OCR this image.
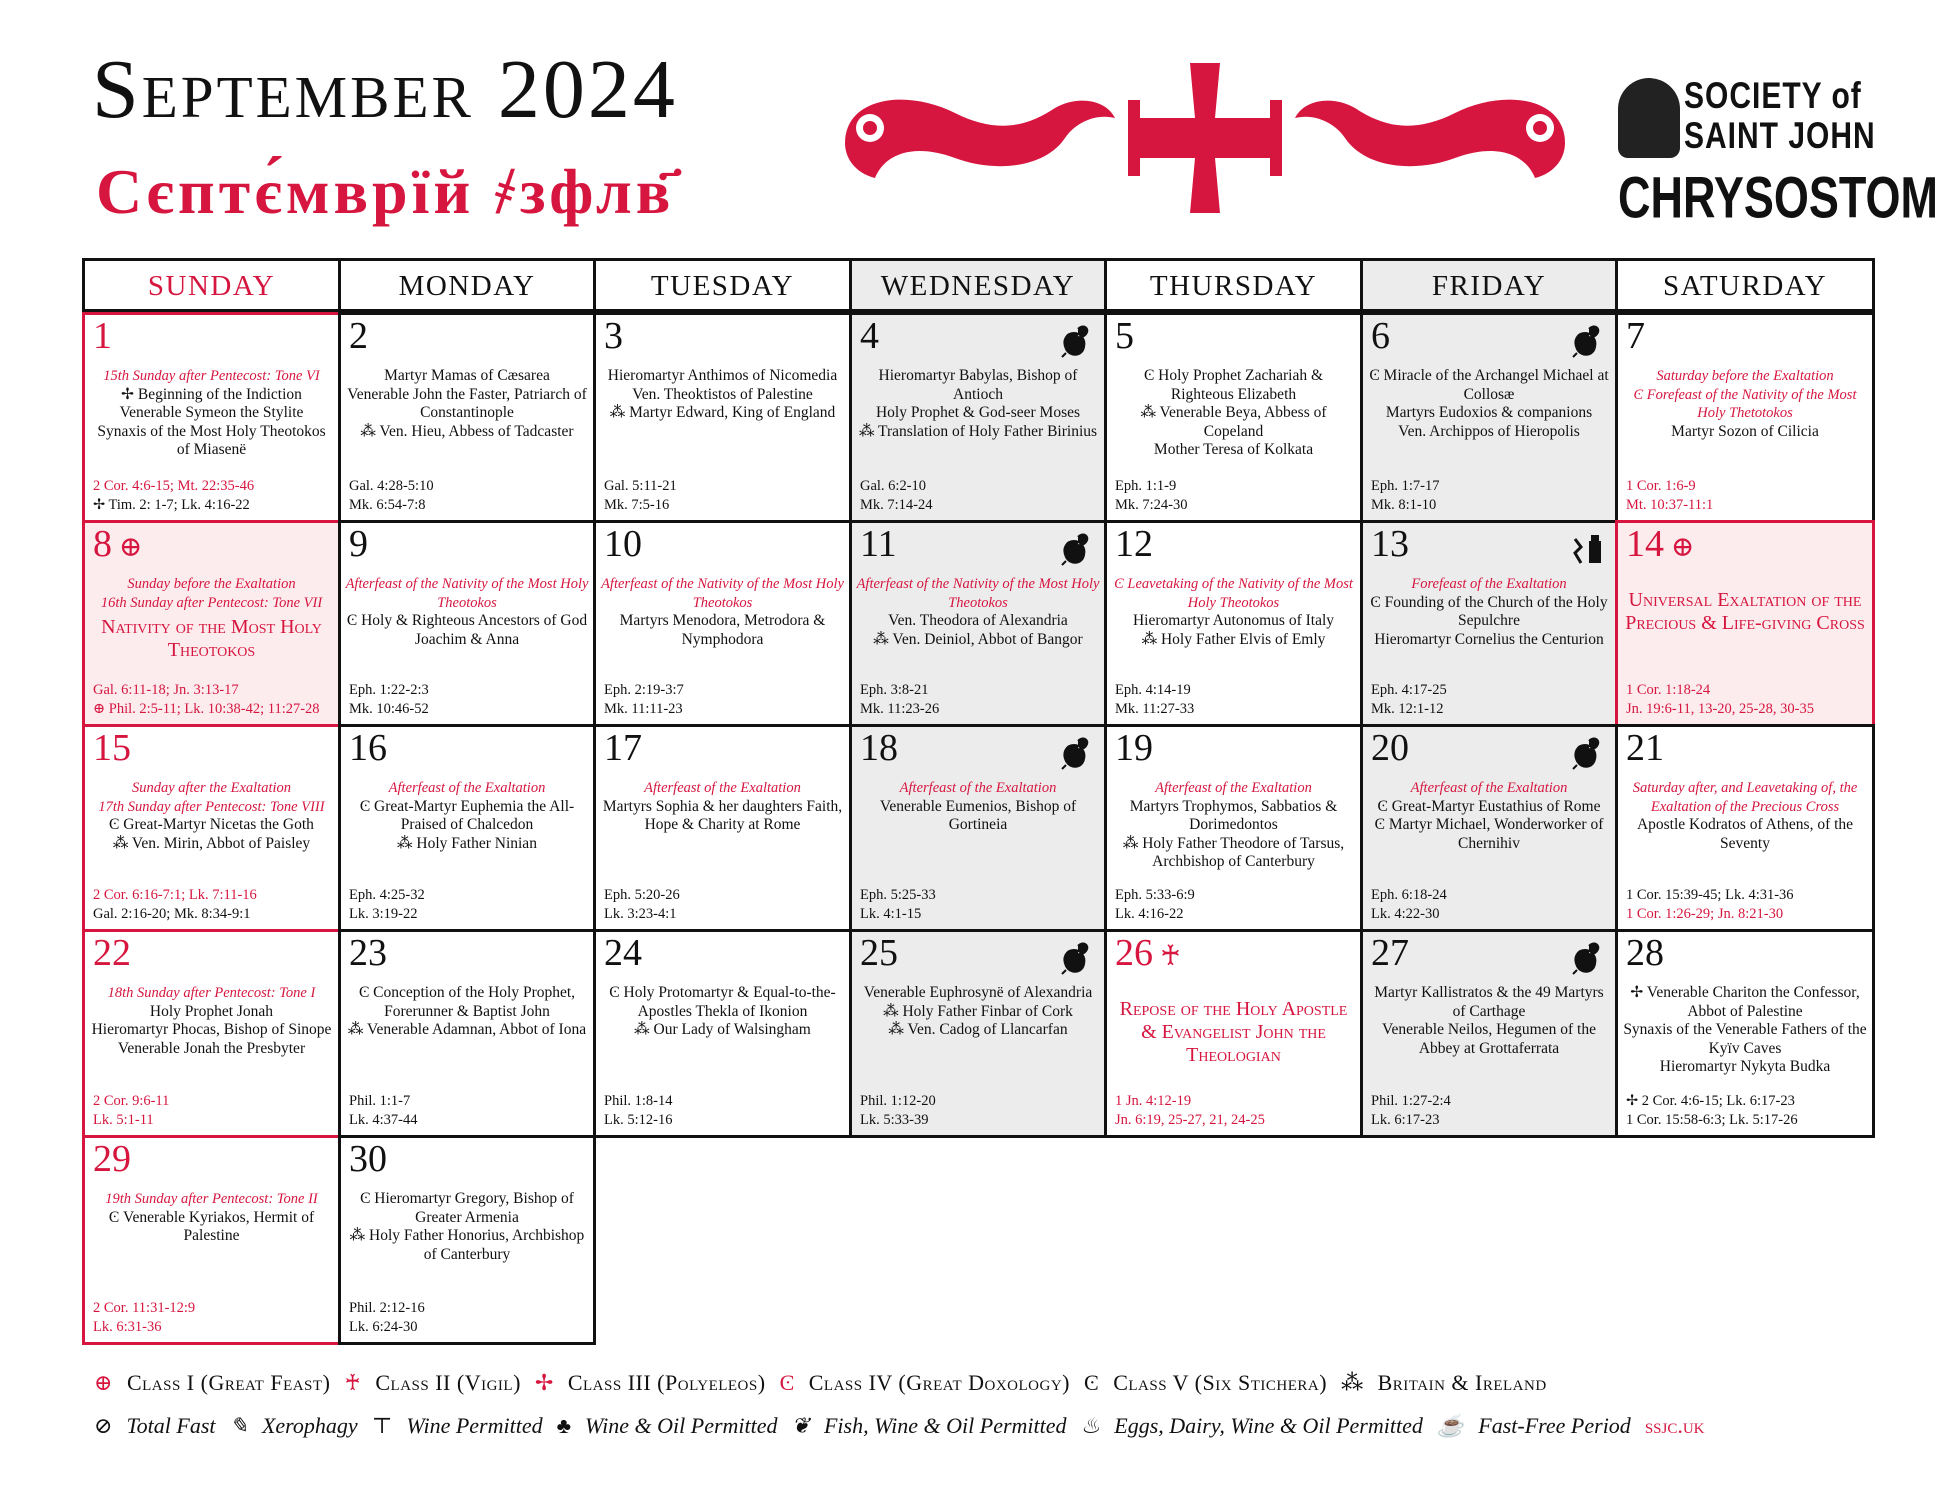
September 2024
Сєптє́мврїй ҂зфлв҃
SOCIETY of
SAINT JOHN
CHRYSOSTOM
SUNDAY	MONDAY	TUESDAY	WEDNESDAY	THURSDAY	FRIDAY	SATURDAY
1
15th Sunday after Pentecost: Tone VI
✢ Beginning of the Indiction
Venerable Symeon the Stylite
Synaxis of the Most Holy Theotokos of Miasenë
2 Cor. 4:6-15; Mt. 22:35-46
✢ Tim. 2: 1-7; Lk. 4:16-22
2
Martyr Mamas of Cæsarea
Venerable John the Faster, Patriarch of Constantinople
⁂ Ven. Hieu, Abbess of Tadcaster
Gal. 4:28-5:10
Mk. 6:54-7:8
3
Hieromartyr Anthimos of Nicomedia
Ven. Theoktistos of Palestine
⁂ Martyr Edward, King of England
Gal. 5:11-21
Mk. 7:5-16
4
Hieromartyr Babylas, Bishop of Antioch
Holy Prophet & God-seer Moses
⁂ Translation of Holy Father Birinius
Gal. 6:2-10
Mk. 7:14-24
5
Ͼ Holy Prophet Zachariah & Righteous Elizabeth
⁂ Venerable Beya, Abbess of Copeland
Mother Teresa of Kolkata
Eph. 1:1-9
Mk. 7:24-30
6
Ͼ Miracle of the Archangel Michael at Collosæ
Martyrs Eudoxios & companions
Ven. Archippos of Hieropolis
Eph. 1:7-17
Mk. 8:1-10
7
Saturday before the Exaltation
Ͼ Forefeast of the Nativity of the Most Holy Thetotokos
Martyr Sozon of Cilicia
1 Cor. 1:6-9
Mt. 10:37-11:1
8 ⊕
Sunday before the Exaltation
16th Sunday after Pentecost: Tone VII
Nativity of the Most Holy Theotokos
Gal. 6:11-18; Jn. 3:13-17
⊕ Phil. 2:5-11; Lk. 10:38-42; 11:27-28
9
Afterfeast of the Nativity of the Most Holy Theotokos
Ͼ Holy & Righteous Ancestors of God Joachim & Anna
Eph. 1:22-2:3
Mk. 10:46-52
10
Afterfeast of the Nativity of the Most Holy Theotokos
Martyrs Menodora, Metrodora & Nymphodora
Eph. 2:19-3:7
Mk. 11:11-23
11
Afterfeast of the Nativity of the Most Holy Theotokos
Ven. Theodora of Alexandria
⁂ Ven. Deiniol, Abbot of Bangor
Eph. 3:8-21
Mk. 11:23-26
12
Ͼ Leavetaking of the Nativity of the Most Holy Theotokos
Hieromartyr Autonomus of Italy
⁂ Holy Father Elvis of Emly
Eph. 4:14-19
Mk. 11:27-33
13
Forefeast of the Exaltation
Ͼ Founding of the Church of the Holy Sepulchre
Hieromartyr Cornelius the Centurion
Eph. 4:17-25
Mk. 12:1-12
14 ⊕
Universal Exaltation of the Precious & Life-giving Cross
1 Cor. 1:18-24
Jn. 19:6-11, 13-20, 25-28, 30-35
15
Sunday after the Exaltation
17th Sunday after Pentecost: Tone VIII
Ͼ Great-Martyr Nicetas the Goth
⁂ Ven. Mirin, Abbot of Paisley
2 Cor. 6:16-7:1; Lk. 7:11-16
Gal. 2:16-20; Mk. 8:34-9:1
16
Afterfeast of the Exaltation
Ͼ Great-Martyr Euphemia the All-Praised of Chalcedon
⁂ Holy Father Ninian
Eph. 4:25-32
Lk. 3:19-22
17
Afterfeast of the Exaltation
Martyrs Sophia & her daughters Faith, Hope & Charity at Rome
Eph. 5:20-26
Lk. 3:23-4:1
18
Afterfeast of the Exaltation
Venerable Eumenios, Bishop of Gortineia
Eph. 5:25-33
Lk. 4:1-15
19
Afterfeast of the Exaltation
Martyrs Trophymos, Sabbatios & Dorimedontos
⁂ Holy Father Theodore of Tarsus, Archbishop of Canterbury
Eph. 5:33-6:9
Lk. 4:16-22
20
Afterfeast of the Exaltation
Ͼ Great-Martyr Eustathius of Rome
Ͼ Martyr Michael, Wonderworker of Chernihiv
Eph. 6:18-24
Lk. 4:22-30
21
Saturday after, and Leavetaking of, the Exaltation of the Precious Cross
Apostle Kodratos of Athens, of the Seventy
1 Cor. 15:39-45; Lk. 4:31-36
1 Cor. 1:26-29; Jn. 8:21-30
22
18th Sunday after Pentecost: Tone I
Holy Prophet Jonah
Hieromartyr Phocas, Bishop of Sinope
Venerable Jonah the Presbyter
2 Cor. 9:6-11
Lk. 5:1-11
23
Ͼ Conception of the Holy Prophet, Forerunner & Baptist John
⁂ Venerable Adamnan, Abbot of Iona
Phil. 1:1-7
Lk. 4:37-44
24
Ͼ Holy Protomartyr & Equal-to-the-Apostles Thekla of Ikonion
⁂ Our Lady of Walsingham
Phil. 1:8-14
Lk. 5:12-16
25
Venerable Euphrosynë of Alexandria
⁂ Holy Father Finbar of Cork
⁂ Ven. Cadog of Llancarfan
Phil. 1:12-20
Lk. 5:33-39
26 ♰
Repose of the Holy Apostle & Evangelist John the Theologian
1 Jn. 4:12-19
Jn. 6:19, 25-27, 21, 24-25
27
Martyr Kallistratos & the 49 Martyrs of Carthage
Venerable Neilos, Hegumen of the Abbey at Grottaferrata
Phil. 1:27-2:4
Lk. 6:17-23
28
✢ Venerable Chariton the Confessor, Abbot of Palestine
Synaxis of the Venerable Fathers of the Kyïv Caves
Hieromartyr Nykyta Budka
✢ 2 Cor. 4:6-15; Lk. 6:17-23
1 Cor. 15:58-6:3; Lk. 5:17-26
29
19th Sunday after Pentecost: Tone II
Ͼ Venerable Kyriakos, Hermit of Palestine
2 Cor. 11:31-12:9
Lk. 6:31-36
30
Ͼ Hieromartyr Gregory, Bishop of Greater Armenia
⁂ Holy Father Honorius, Archbishop of Canterbury
Phil. 2:12-16
Lk. 6:24-30
⊕ Class I (Great Feast) ♰ Class II (Vigil) ✢ Class III (Polyeleos) Ͼ Class IV (Great Doxology) Ͼ Class V (Six Stichera) ⁂ Britain & Ireland
⊘ Total Fast ✎ Xerophagy ⊤ Wine Permitted ♣ Wine & Oil Permitted ❦ Fish, Wine & Oil Permitted ♨ Eggs, Dairy, Wine & Oil Permitted ☕ Fast-Free Period ssjc.uk
